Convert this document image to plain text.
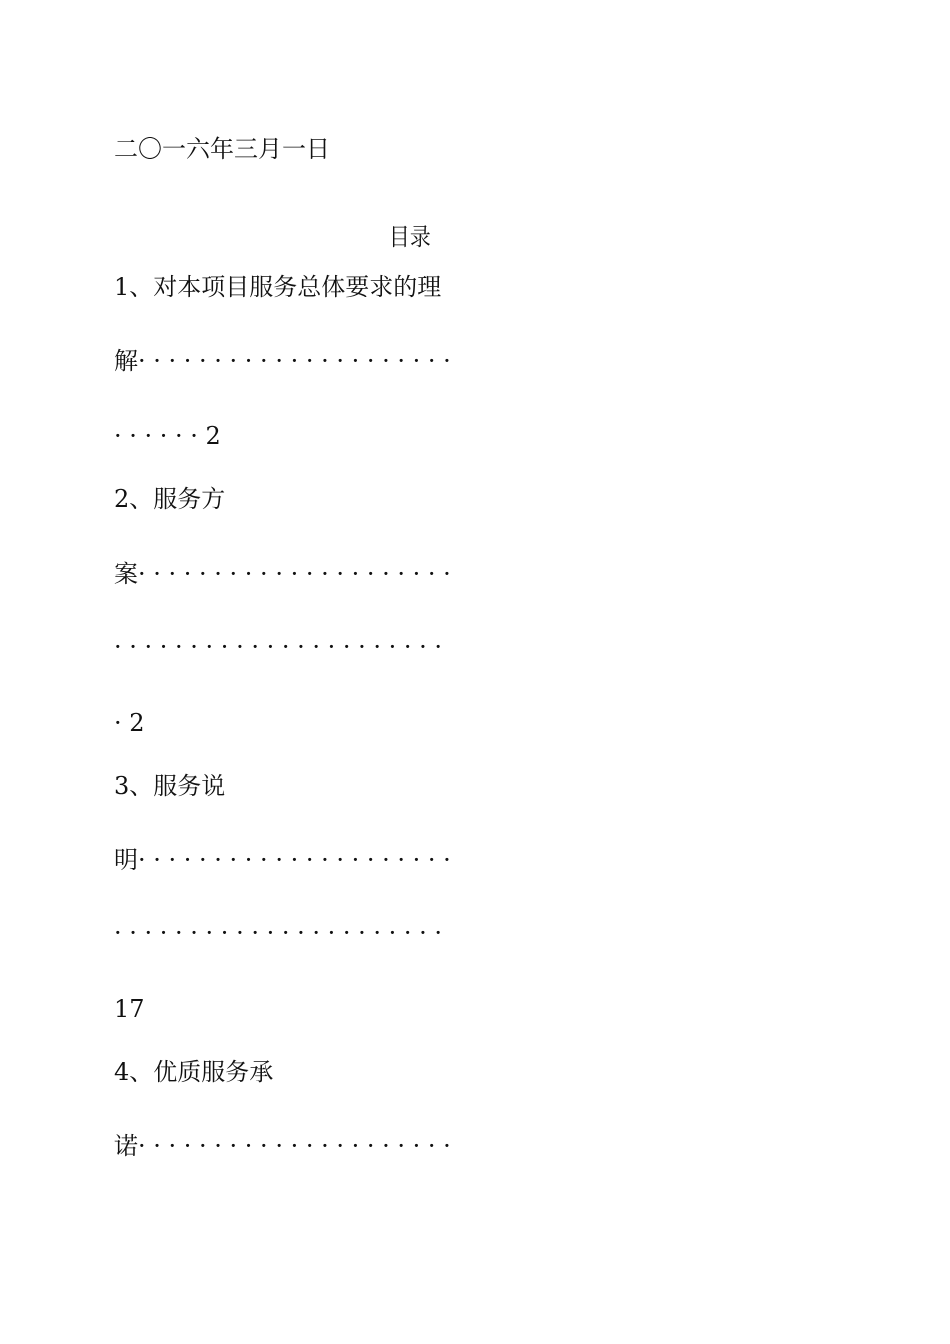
二〇一六年三月一日

目录

1、对本项目服务总体要求的理

解· · · · · · · · · · · · · · · · · · · · ·

· · · · · · 2

2、服务方

案· · · · · · · · · · · · · · · · · · · · ·

· · · · · · · · · · · · · · · · · · · · · ·

· 2

3、服务说

明· · · · · · · · · · · · · · · · · · · · ·

· · · · · · · · · · · · · · · · · · · · · ·

17

4、优质服务承

诺· · · · · · · · · · · · · · · · · · · · ·
